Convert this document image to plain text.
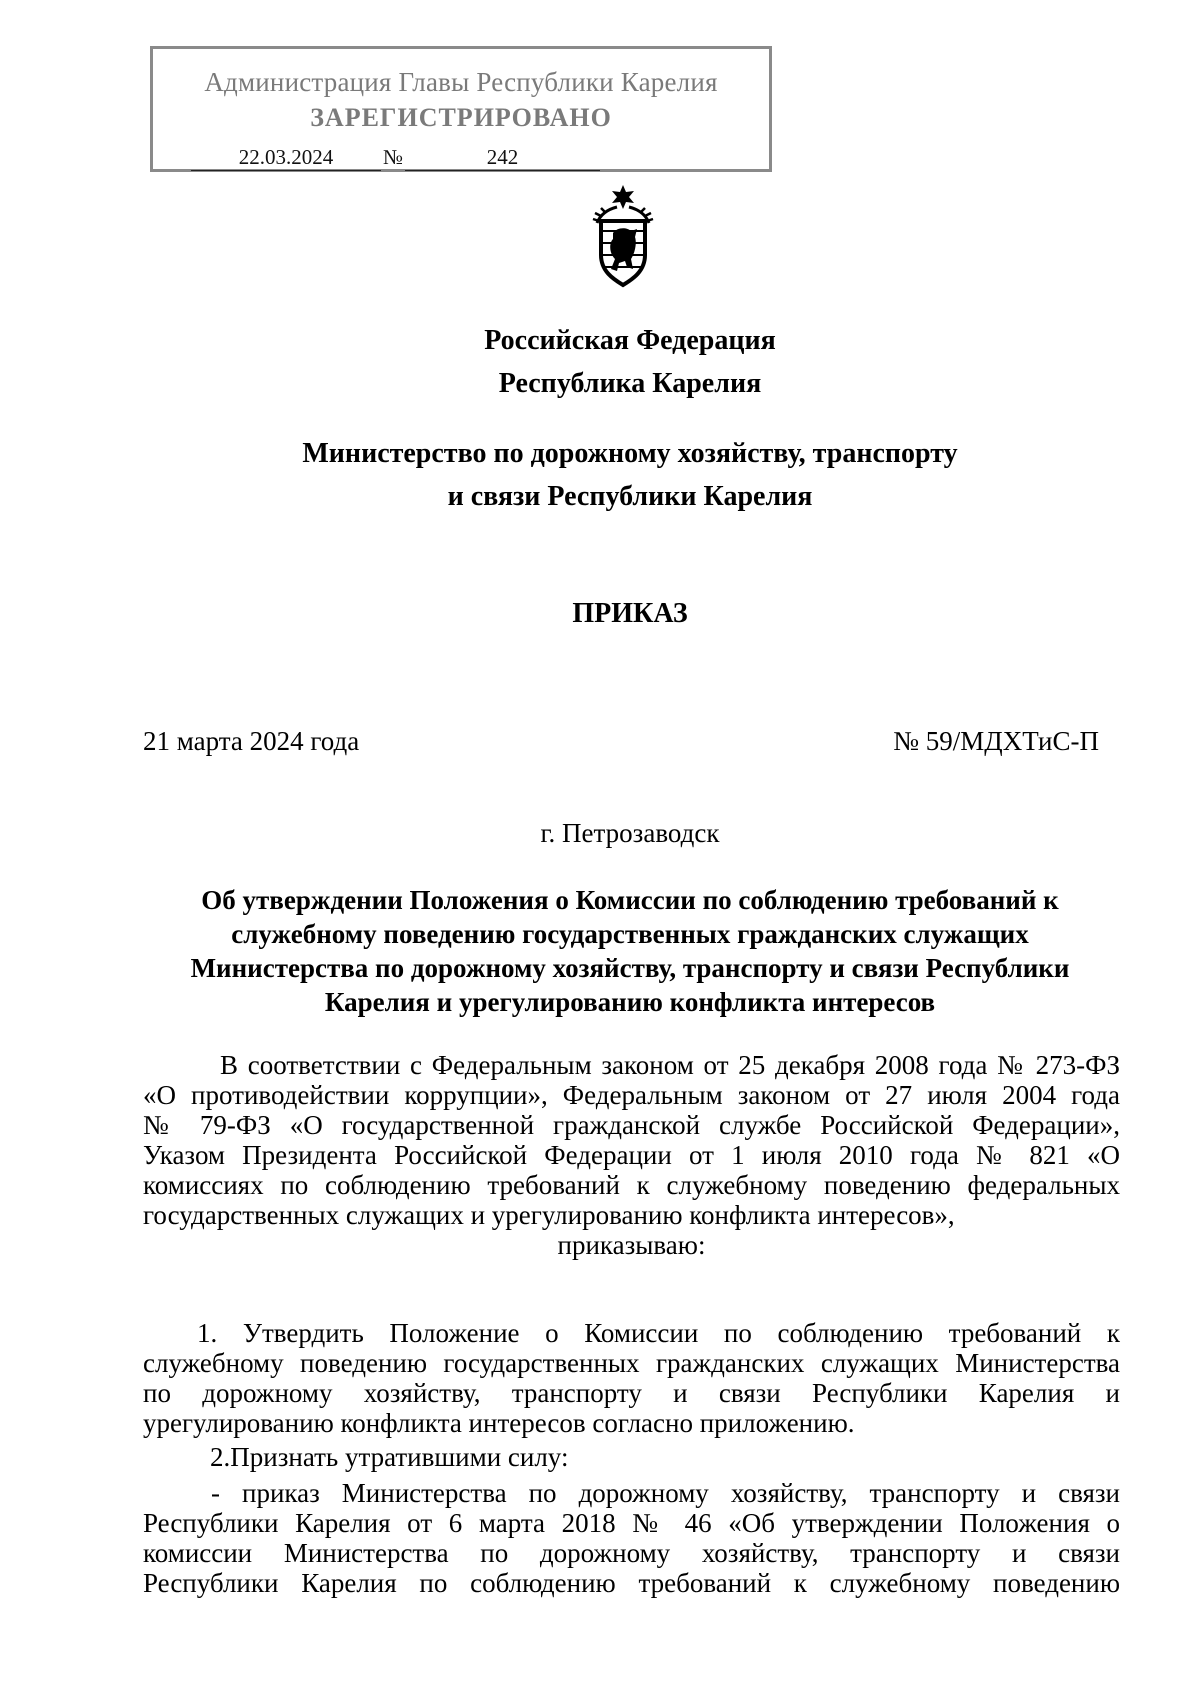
Администрация Главы Республики Карелия
ЗАРЕГИСТРИРОВАНО
22.03.2024 №	242
Российская Федерация
Республика Карелия
Министерство по дорожному хозяйству, транспорту
и связи Республики Карелия
ПРИКАЗ
21 марта 2024 года	№ 59/МДХТиС-П
г. Петрозаводск
Об утверждении Положения о Комиссии по соблюдению требований к
служебному поведению государственных гражданских служащих
Министерства по дорожному хозяйству, транспорту и связи Республики
Карелия и урегулированию конфликта интересов
В соответствии с Федеральным законом от 25 декабря 2008 года № 273-ФЗ
«О противодействии коррупции», Федеральным законом от 27 июля 2004 года
№ 79-ФЗ «О государственной гражданской службе Российской Федерации»,
Указом Президента Российской Федерации от 1 июля 2010 года № 821 «О
комиссиях по соблюдению требований к служебному поведению федеральных
государственных служащих и урегулированию конфликта интересов»,
приказываю:
1. Утвердить Положение о Комиссии по соблюдению требований к
служебному поведению государственных гражданских служащих Министерства
по дорожному хозяйству, транспорту и связи Республики Карелия и
урегулированию конфликта интересов согласно приложению.
2.Признать утратившими силу:
- приказ Министерства по дорожному хозяйству, транспорту и связи
Республики Карелия от 6 марта 2018 № 46 «Об утверждении Положения о
комиссии Министерства по дорожному хозяйству, транспорту и связи
Республики Карелия по соблюдению требований к служебному поведению
